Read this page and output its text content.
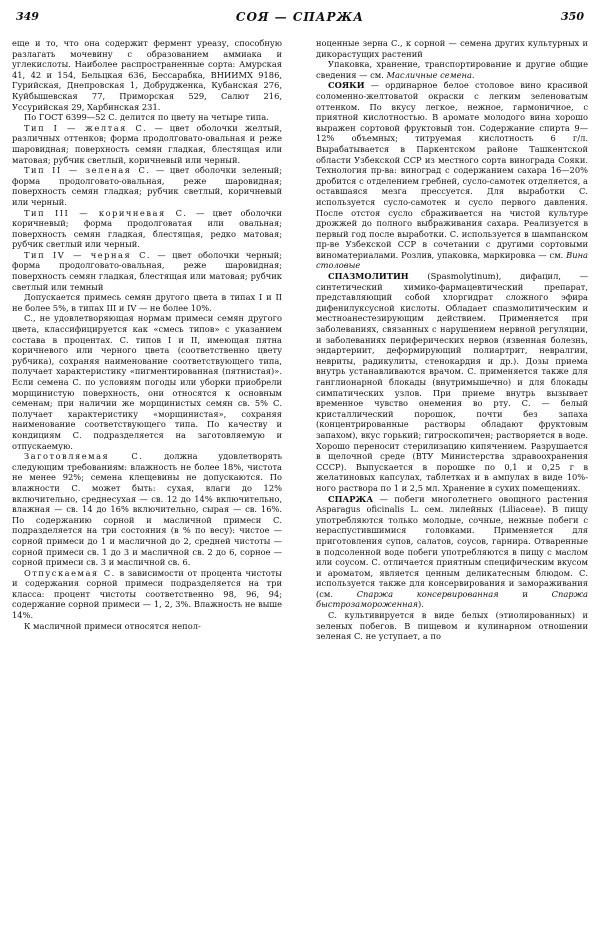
349	СОЯ — СПАРЖА	350

еще и то, что она содержит фермент уреазу, способную разлагать мочевину с образованием аммиака и углекислоты. Наиболее распространенные сорта: Амурская 41, 42 и 154, Бельцкая 636, Бессарабка, ВНИИМХ 9186, Гурийская, Днепровская 1, Добрудженка, Кубанская 276, Куйбышевская 77, Приморская 529, Салют 216, Уссурийская 29, Харбинская 231.

По ГОСТ 6399—52 С. делится по цвету на четыре типа.

Тип I — желтая С. — цвет оболочки желтый, различных оттенков; форма продолговато-овальная и реже шаровидная; поверхность семян гладкая, блестящая или матовая; рубчик светлый, коричневый или черный.

Тип II — зеленая С. — цвет оболочки зеленый; форма продолговато-овальная, реже шаровидная; поверхность семян гладкая; рубчик светлый, коричневый или черный.

Тип III — коричневая С. — цвет оболочки коричневый; форма продолговатая или овальная; поверхность семян гладкая, блестящая, редко матовая; рубчик светлый или черный.

Тип IV — черная С. — цвет оболочки черный; форма продолговато-овальная, реже шаровидная; поверхность семян гладкая, блестящая или матовая; рубчик светлый или темный

Допускается примесь семян другого цвета в типах I и II не более 5%, в типах III и IV — не более 10%.

С., не удовлетворяющая нормам примеси семян другого цвета, классифицируется как «смесь типов» с указанием состава в процентах. С. типов I и II, имеющая пятна коричневого или черного цвета (соответственно цвету рубчика), сохраняя наименование соответствующего типа, получает характеристику «пигментированная (пятнистая)». Если семена С. по условиям погоды или уборки приобрели морщинистую поверхность, они относятся к основным семенам; при наличии же морщинистых семян св. 5% С. получает характеристику «морщинистая», сохраняя наименование соответствующего типа. По качеству и кондициям С. подразделяется на заготовляемую и отпускаемую.

Заготовляемая С. должна удовлетворять следующим требованиям: влажность не более 18%, чистота не менее 92%; семена клещевины не допускаются. По влажности С. может быть: сухая, влаги до 12% включительно, среднесухая — св. 12 до 14% включительно, влажная — св. 14 до 16% включительно, сырая — св. 16%. По содержанию сорной и масличной примеси С. подразделяется на три состояния (в % по весу): чистое — сорной примеси до 1 и масличной до 2, средней чистоты — сорной примеси св. 1 до 3 и масличной св. 2 до 6, сорное — сорной примеси св. 3 и масличной св. 6.

Отпускаемая С. в зависимости от процента чистоты и содержания сорной примеси подразделяется на три класса: процент чистоты соответственно 98, 96, 94; содержание сорной примеси — 1, 2, 3%. Влажность не выше 14%.

К масличной примеси относятся непол-

ноценные зерна С., к сорной — семена других культурных и дикорастущих растений

Упаковка, хранение, транспортирование и другие общие сведения — см. Масличные семена.

СОЯКИ — ординарное белое столовое вино красивой соломенно-желтоватой окраски с легким зеленоватым оттенком. По вкусу легкое, нежное, гармоничное, с приятной кислотностью. В аромате молодого вина хорошо выражен сортовой фруктовый тон. Содержание спирта 9—12% объемных; титруемая кислотность 6 г/л. Вырабатывается в Паркентском районе Ташкентской области Узбекской ССР из местного сорта винограда Сояки. Технология пр-ва: виноград с содержанием сахара 16—20% дробится с отделением гребней, сусло-самотек отделяется, а оставшаяся мезга прессуется. Для выработки С. используется сусло-самотек и сусло первого давления. После отстоя сусло сбраживается на чистой культуре дрожжей до полного выбраживания сахара. Реализуется в первый год после выработки. С. используется в шампанском пр-ве Узбекской ССР в сочетании с другими сортовыми виноматериалами. Розлив, упаковка, маркировка — см. Вина столовые

СПАЗМОЛИТИН (Spasmolytinum), дифацил, — синтетический химико-фармацевтический препарат, представляющий собой хлоргидрат сложного эфира дифенилуксусной кислоты. Обладает спазмолитическим и местноанестезирующим действием. Применяется при заболеваниях, связанных с нарушением нервной регуляции, и заболеваниях периферических нервов (язвенная болезнь, эндартериит, деформирующий полиартрит, невралгии, невриты, радикулиты, стенокардия и др.). Дозы приема внутрь устанавливаются врачом. С. применяется также для ганглионарной блокады (внутримышечно) и для блокады симпатических узлов. При приеме внутрь вызывает временное чувство онемения во рту. С. — белый кристаллический порошок, почти без запаха (концентрированные растворы обладают фруктовым запахом), вкус горький; гигроскопичен; растворяется в воде. Хорошо переносит стерилизацию кипячением. Разрушается в щелочной среде (ВТУ Министерства здравоохранения СССР). Выпускается в порошке по 0,1 и 0,25 г в желатиновых капсулах, таблетках и в ампулах в виде 10%-ного раствора по 1 и 2,5 мл. Хранение в сухих помещениях.

СПАРЖА — побеги многолетнего овощного растения Asparagus oficinalis L. сем. лилейных (Liliaceae). В пищу употребляются только молодые, сочные, нежные побеги с нераспустившимися головками. Применяется для приготовления супов, салатов, соусов, гарнира. Отваренные в подсоленной воде побеги употребляются в пищу с маслом или соусом. С. отличается приятным специфическим вкусом и ароматом, является ценным деликатесным блюдом. С. используется также для консервирования и замораживания (см. Спаржа консервированная и Спаржа быстрозамороженная).

С. культивируется в виде белых (этиолированных) и зеленых побегов. В пищевом и кулинарном отношении зеленая С. не уступает, а по
